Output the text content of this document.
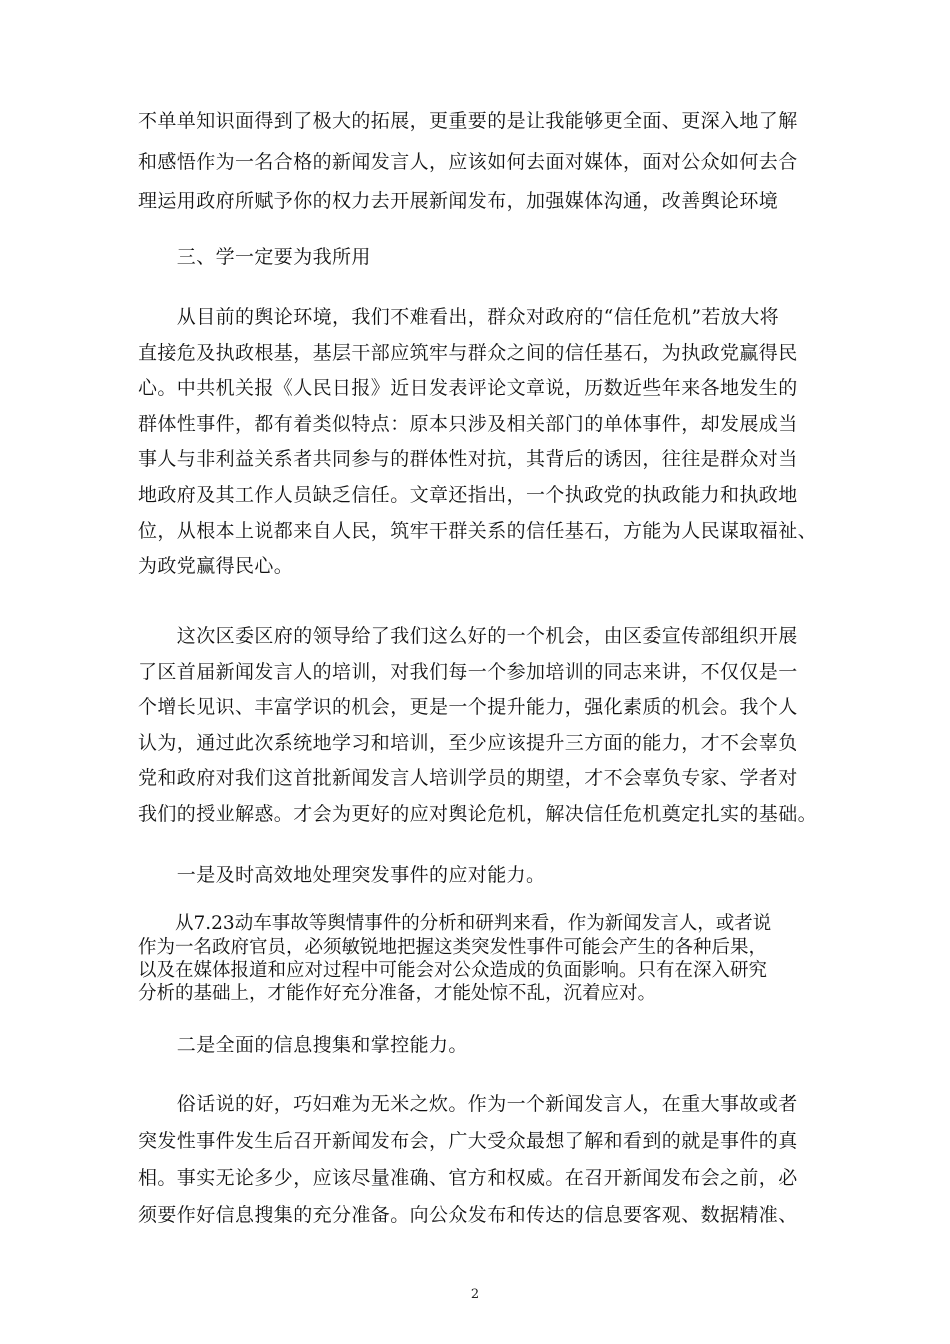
不单单知识面得到了极大的拓展，更重要的是让我能够更全面、更深入地了解
和感悟作为一名合格的新闻发言人，应该如何去面对媒体，面对公众如何去合
理运用政府所赋予你的权力去开展新闻发布，加强媒体沟通，改善舆论环境
　　三、学一定要为我所用
　　从目前的舆论环境，我们不难看出，群众对政府的“信任危机”若放大将
直接危及执政根基，基层干部应筑牢与群众之间的信任基石，为执政党赢得民
心。中共机关报《人民日报》近日发表评论文章说，历数近些年来各地发生的
群体性事件，都有着类似特点：原本只涉及相关部门的单体事件，却发展成当
事人与非利益关系者共同参与的群体性对抗，其背后的诱因，往往是群众对当
地政府及其工作人员缺乏信任。文章还指出，一个执政党的执政能力和执政地
位，从根本上说都来自人民，筑牢干群关系的信任基石，方能为人民谋取福祉、
为政党赢得民心。
　　这次区委区府的领导给了我们这么好的一个机会，由区委宣传部组织开展
了区首届新闻发言人的培训，对我们每一个参加培训的同志来讲，不仅仅是一
个增长见识、丰富学识的机会，更是一个提升能力，强化素质的机会。我个人
认为，通过此次系统地学习和培训，至少应该提升三方面的能力，才不会辜负
党和政府对我们这首批新闻发言人培训学员的期望，才不会辜负专家、学者对
我们的授业解惑。才会为更好的应对舆论危机，解决信任危机奠定扎实的基础。
　　一是及时高效地处理突发事件的应对能力。
　　从7.23动车事故等舆情事件的分析和研判来看，作为新闻发言人，或者说
作为一名政府官员，必须敏锐地把握这类突发性事件可能会产生的各种后果，
以及在媒体报道和应对过程中可能会对公众造成的负面影响。只有在深入研究
分析的基础上，才能作好充分准备，才能处惊不乱，沉着应对。
　　二是全面的信息搜集和掌控能力。
　　俗话说的好，巧妇难为无米之炊。作为一个新闻发言人，在重大事故或者
突发性事件发生后召开新闻发布会，广大受众最想了解和看到的就是事件的真
相。事实无论多少，应该尽量准确、官方和权威。在召开新闻发布会之前，必
须要作好信息搜集的充分准备。向公众发布和传达的信息要客观、数据精准、
2
